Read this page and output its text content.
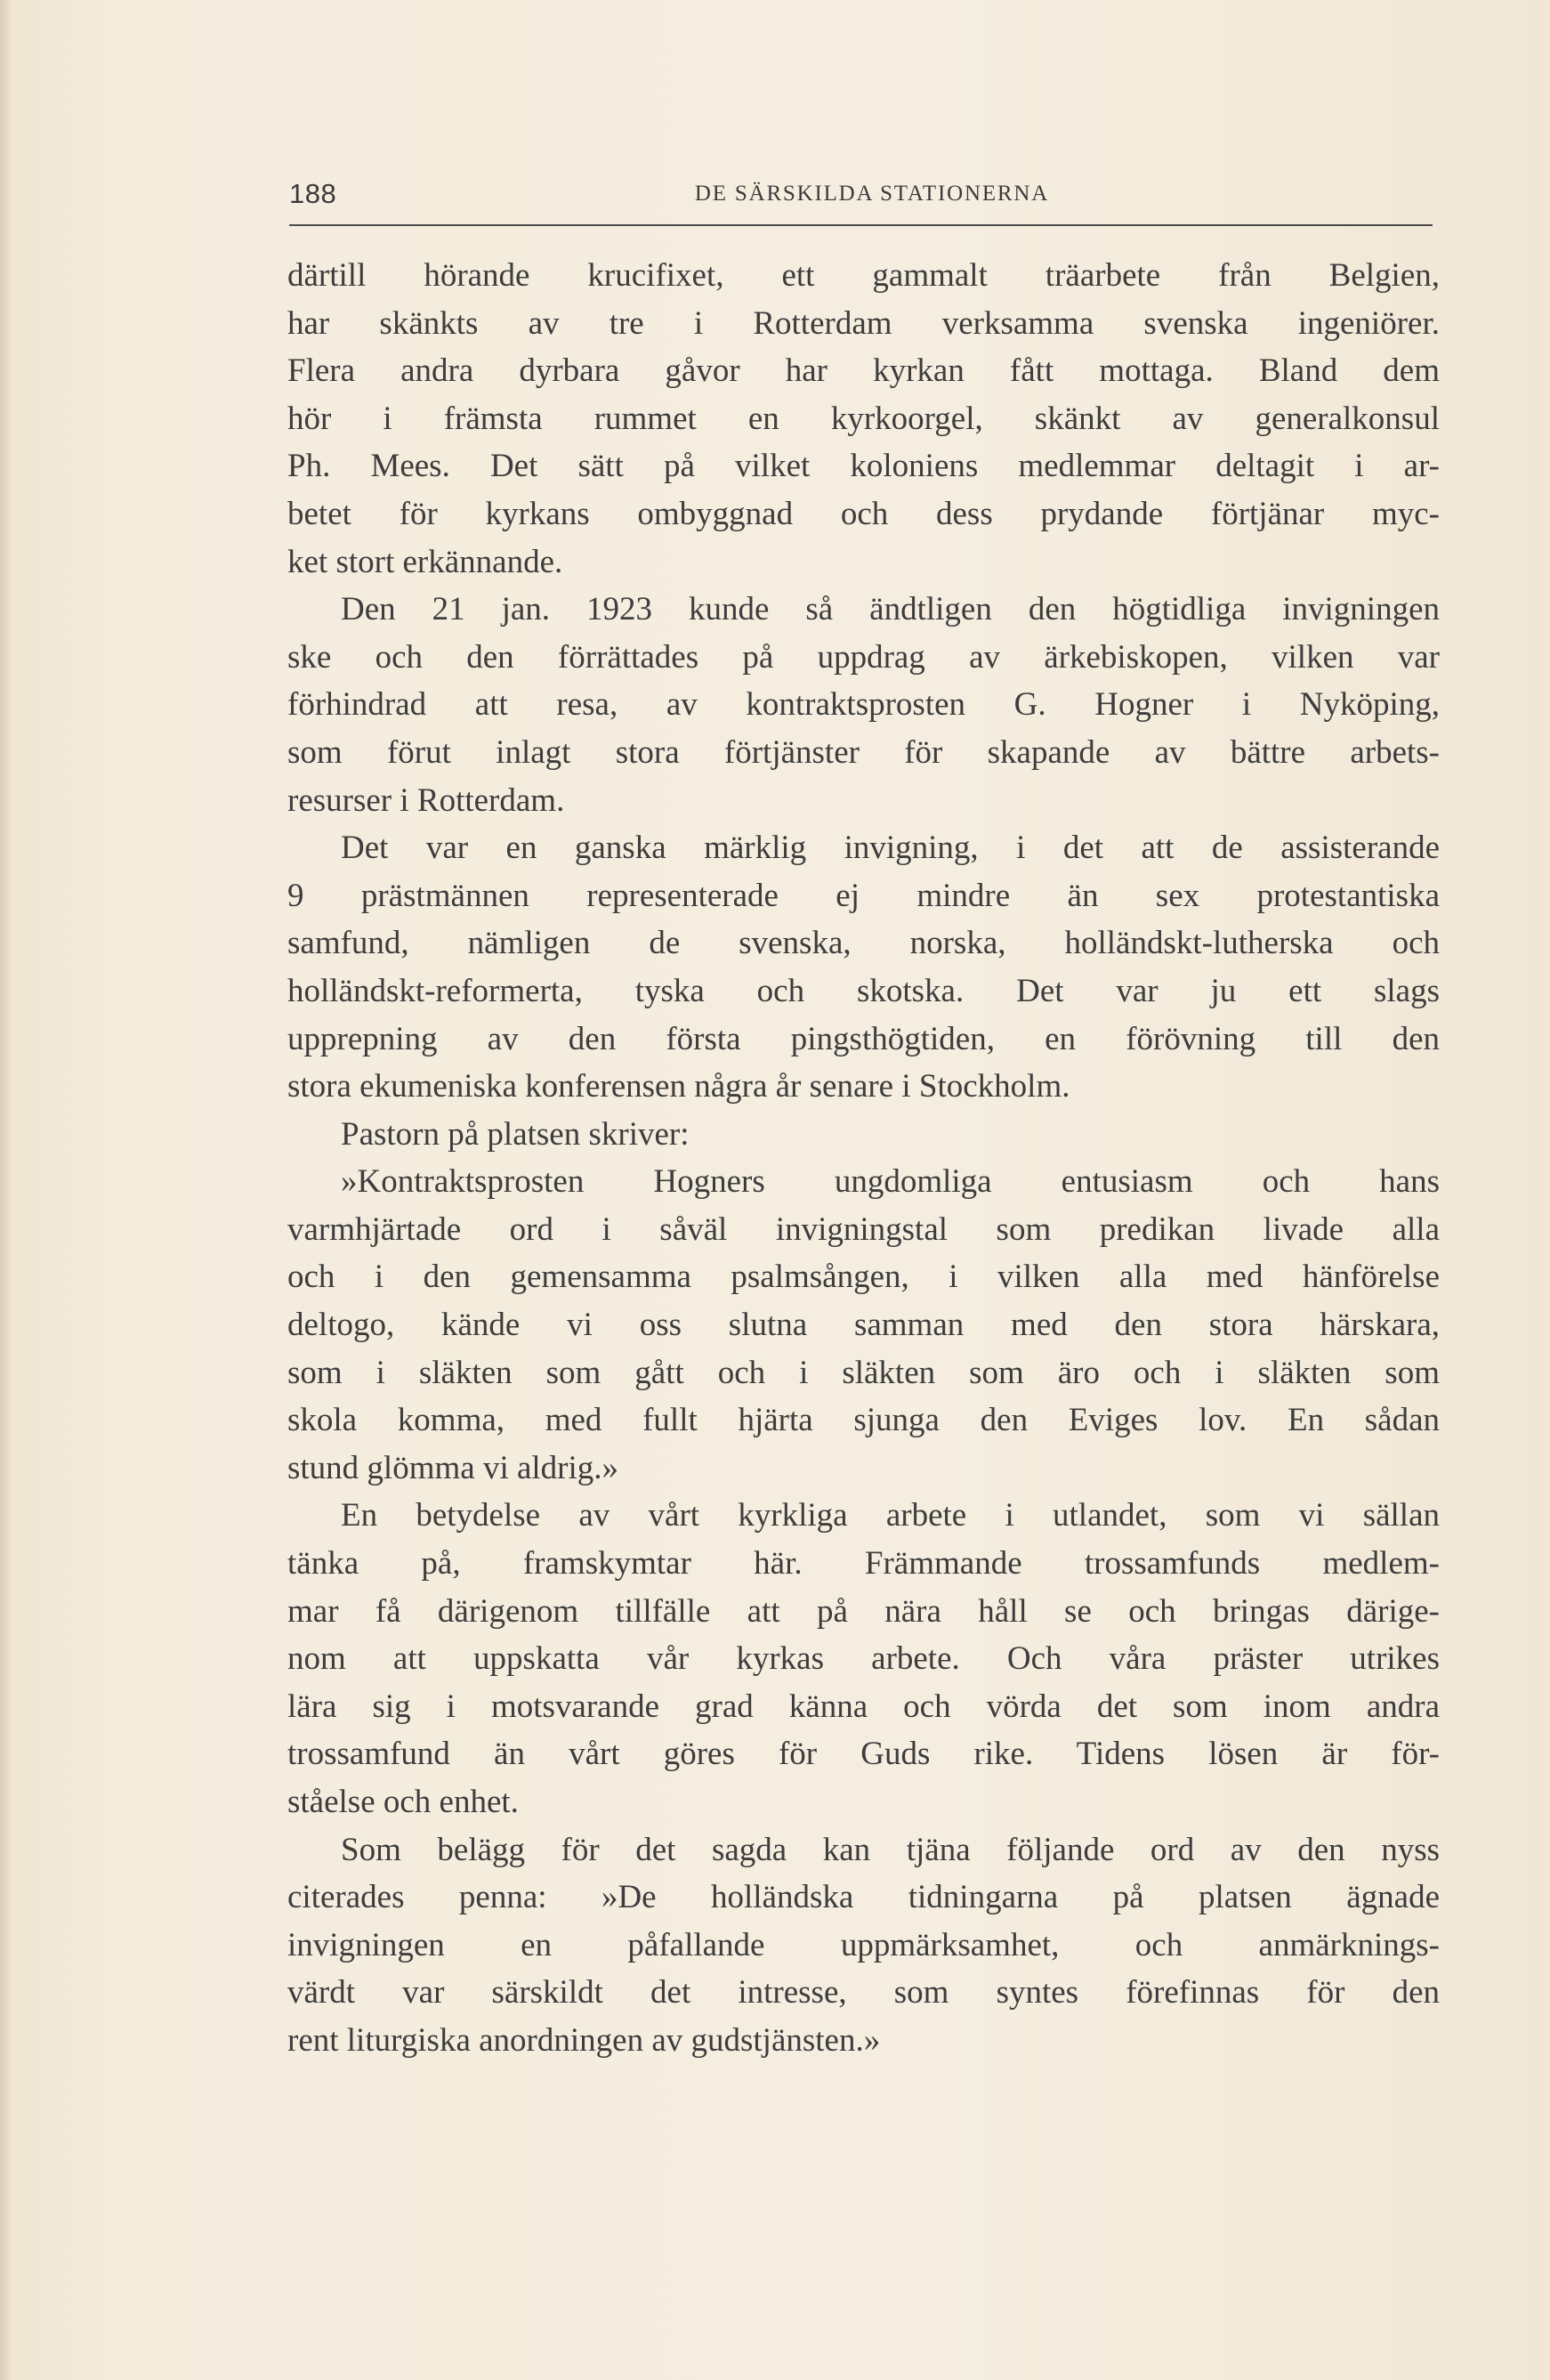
188	DE SÄRSKILDA STATIONERNA
därtill hörande krucifixet, ett gammalt träarbete från Belgien,
har skänkts av tre i Rotterdam verksamma svenska ingeniörer.
Flera andra dyrbara gåvor har kyrkan fått mottaga. Bland dem
hör i främsta rummet en kyrkoorgel, skänkt av generalkonsul
Ph. Mees. Det sätt på vilket koloniens medlemmar deltagit i ar-
betet för kyrkans ombyggnad och dess prydande förtjänar myc-
ket stort erkännande.
Den 21 jan. 1923 kunde så ändtligen den högtidliga invigningen
ske och den förrättades på uppdrag av ärkebiskopen, vilken var
förhindrad att resa, av kontraktsprosten G. Hogner i Nyköping,
som förut inlagt stora förtjänster för skapande av bättre arbets-
resurser i Rotterdam.
Det var en ganska märklig invigning, i det att de assisterande
9 prästmännen representerade ej mindre än sex protestantiska
samfund, nämligen de svenska, norska, holländskt-lutherska och
holländskt-reformerta, tyska och skotska. Det var ju ett slags
upprepning av den första pingsthögtiden, en förövning till den
stora ekumeniska konferensen några år senare i Stockholm.
Pastorn på platsen skriver:
»Kontraktsprosten Hogners ungdomliga entusiasm och hans
varmhjärtade ord i såväl invigningstal som predikan livade alla
och i den gemensamma psalmsången, i vilken alla med hänförelse
deltogo, kände vi oss slutna samman med den stora härskara,
som i släkten som gått och i släkten som äro och i släkten som
skola komma, med fullt hjärta sjunga den Eviges lov. En sådan
stund glömma vi aldrig.»
En betydelse av vårt kyrkliga arbete i utlandet, som vi sällan
tänka på, framskymtar här. Främmande trossamfunds medlem-
mar få därigenom tillfälle att på nära håll se och bringas därige-
nom att uppskatta vår kyrkas arbete. Och våra präster utrikes
lära sig i motsvarande grad känna och vörda det som inom andra
trossamfund än vårt göres för Guds rike. Tidens lösen är för-
ståelse och enhet.
Som belägg för det sagda kan tjäna följande ord av den nyss
citerades penna: »De holländska tidningarna på platsen ägnade
invigningen en påfallande uppmärksamhet, och anmärknings-
värdt var särskildt det intresse, som syntes förefinnas för den
rent liturgiska anordningen av gudstjänsten.»
